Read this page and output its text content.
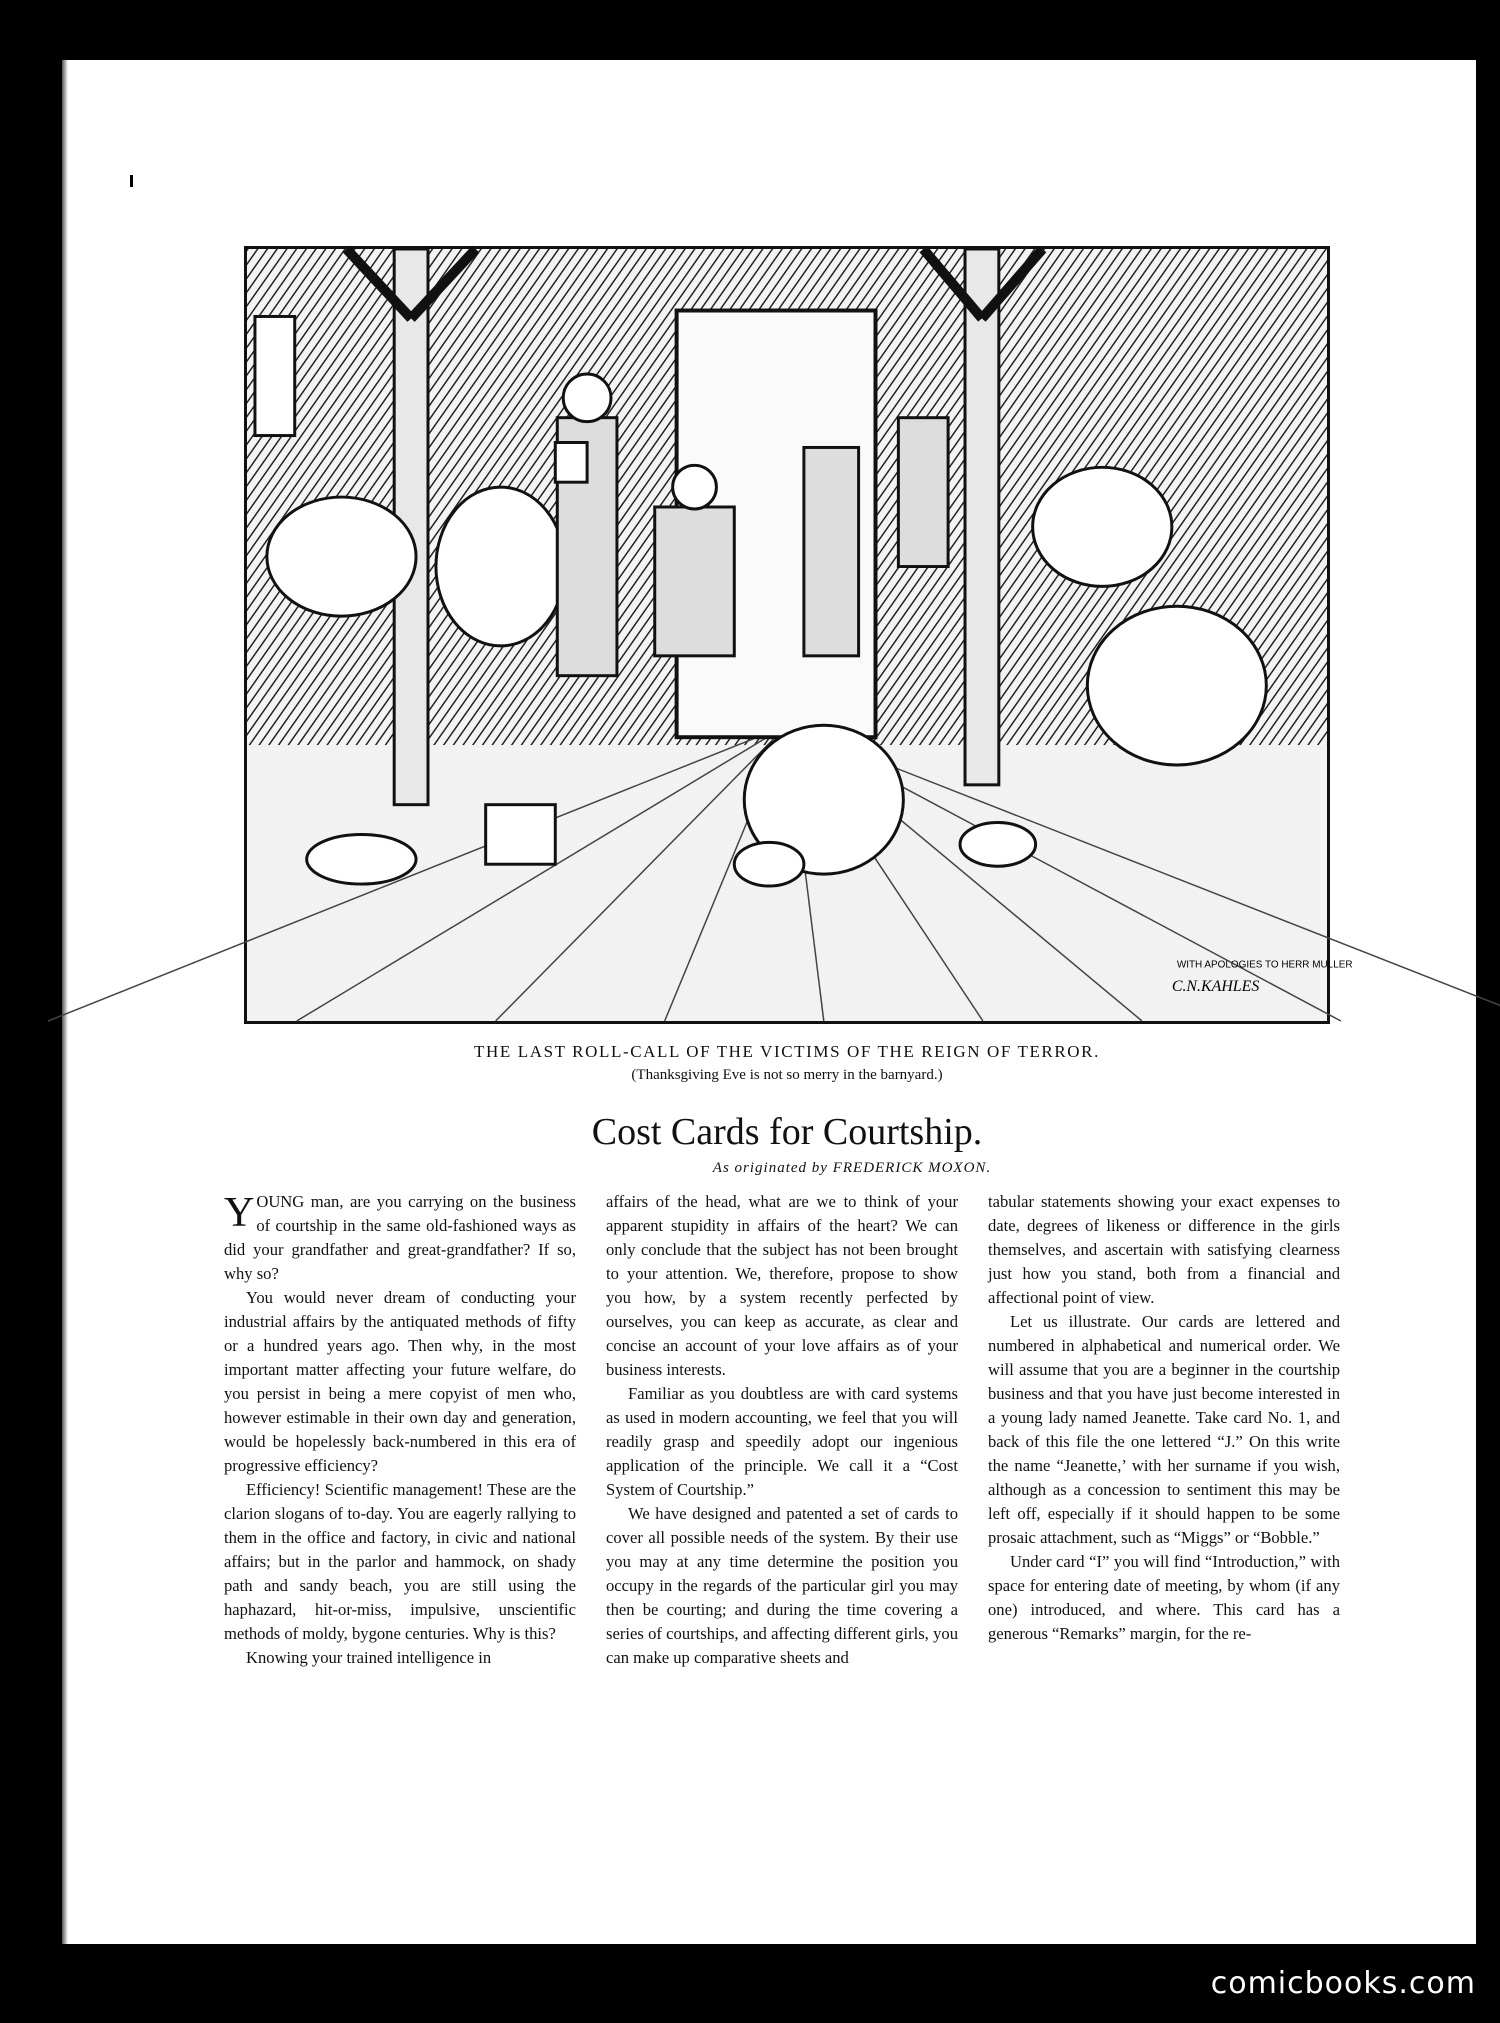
WITH APOLOGIES TO HERR MULLER
C.N.KAHLES
THE LAST ROLL-CALL OF THE VICTIMS OF THE REIGN OF TERROR.
(Thanksgiving Eve is not so merry in the barnyard.)
Cost Cards for Courtship.
As originated by FREDERICK MOXON.

YOUNG man, are you carrying on the business of courtship in the same old-fashioned ways as did your grandfather and great-grandfather? If so, why so?

You would never dream of conducting your industrial affairs by the antiquated methods of fifty or a hundred years ago. Then why, in the most important matter affecting your future welfare, do you persist in being a mere copyist of men who, however estimable in their own day and generation, would be hopelessly back-numbered in this era of progressive efficiency?

Efficiency! Scientific management! These are the clarion slogans of to-day. You are eagerly rallying to them in the office and factory, in civic and national affairs; but in the parlor and hammock, on shady path and sandy beach, you are still using the haphazard, hit-or-miss, impulsive, unscientific methods of moldy, bygone centuries. Why is this?

Knowing your trained intelligence in

affairs of the head, what are we to think of your apparent stupidity in affairs of the heart? We can only conclude that the subject has not been brought to your attention. We, therefore, propose to show you how, by a system recently perfected by ourselves, you can keep as accurate, as clear and concise an account of your love affairs as of your business interests.

Familiar as you doubtless are with card systems as used in modern accounting, we feel that you will readily grasp and speedily adopt our ingenious application of the principle. We call it a “Cost System of Courtship.”

We have designed and patented a set of cards to cover all possible needs of the system. By their use you may at any time determine the position you occupy in the regards of the particular girl you may then be courting; and during the time covering a series of courtships, and affecting different girls, you can make up comparative sheets and

tabular statements showing your exact expenses to date, degrees of likeness or difference in the girls themselves, and ascertain with satisfying clearness just how you stand, both from a financial and affectional point of view.

Let us illustrate. Our cards are lettered and numbered in alphabetical and numerical order. We will assume that you are a beginner in the courtship business and that you have just become interested in a young lady named Jeanette. Take card No. 1, and back of this file the one lettered “J.” On this write the name “Jeanette,’ with her surname if you wish, although as a concession to sentiment this may be left off, especially if it should happen to be some prosaic attachment, such as “Miggs” or “Bobble.”

Under card “I” you will find “Introduction,” with space for entering date of meeting, by whom (if any one) introduced, and where. This card has a generous “Remarks” margin, for the re-

comicbooks.com
